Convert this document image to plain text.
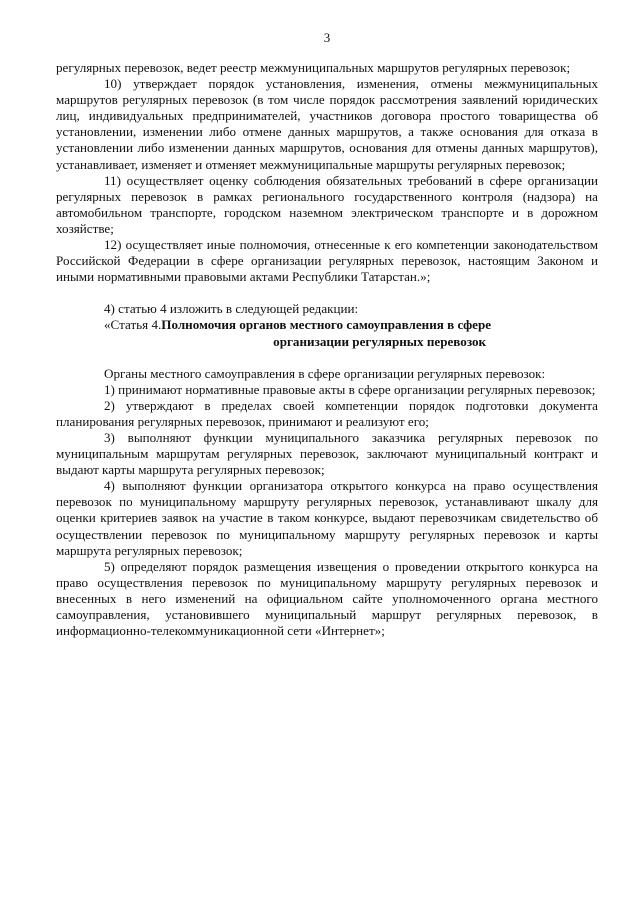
3

регулярных перевозок, ведет реестр межмуниципальных маршрутов регулярных перевозок;

10) утверждает порядок установления, изменения, отмены межмуниципальных маршрутов регулярных перевозок (в том числе порядок рассмотрения заявлений юридических лиц, индивидуальных предпринимателей, участников договора простого товарищества об установлении, изменении либо отмене данных маршрутов, а также основания для отказа в установлении либо изменении данных маршрутов, основания для отмены данных маршрутов), устанавливает, изменяет и отменяет межмуниципальные маршруты регулярных перевозок;

11) осуществляет оценку соблюдения обязательных требований в сфере организации регулярных перевозок в рамках регионального государственного контроля (надзора) на автомобильном транспорте, городском наземном электрическом транспорте и в дорожном хозяйстве;

12) осуществляет иные полномочия, отнесенные к его компетенции законодательством Российской Федерации в сфере организации регулярных перевозок, настоящим Законом и иными нормативными правовыми актами Республики Татарстан.»;

4) статью 4 изложить в следующей редакции:

«Статья 4. Полномочия органов местного самоуправления в сфере
организации регулярных перевозок

Органы местного самоуправления в сфере организации регулярных перевозок:

1) принимают нормативные правовые акты в сфере организации регулярных перевозок;

2) утверждают в пределах своей компетенции порядок подготовки документа планирования регулярных перевозок, принимают и реализуют его;

3) выполняют функции муниципального заказчика регулярных перевозок по муниципальным маршрутам регулярных перевозок, заключают муниципальный контракт и выдают карты маршрута регулярных перевозок;

4) выполняют функции организатора открытого конкурса на право осуществления перевозок по муниципальному маршруту регулярных перевозок, устанавливают шкалу для оценки критериев заявок на участие в таком конкурсе, выдают перевозчикам свидетельство об осуществлении перевозок по муниципальному маршруту регулярных перевозок и карты маршрута регулярных перевозок;

5) определяют порядок размещения извещения о проведении открытого конкурса на право осуществления перевозок по муниципальному маршруту регулярных перевозок и внесенных в него изменений на официальном сайте уполномоченного органа местного самоуправления, установившего муниципальный маршрут регулярных перевозок, в информационно-телекоммуникационной сети «Интернет»;
